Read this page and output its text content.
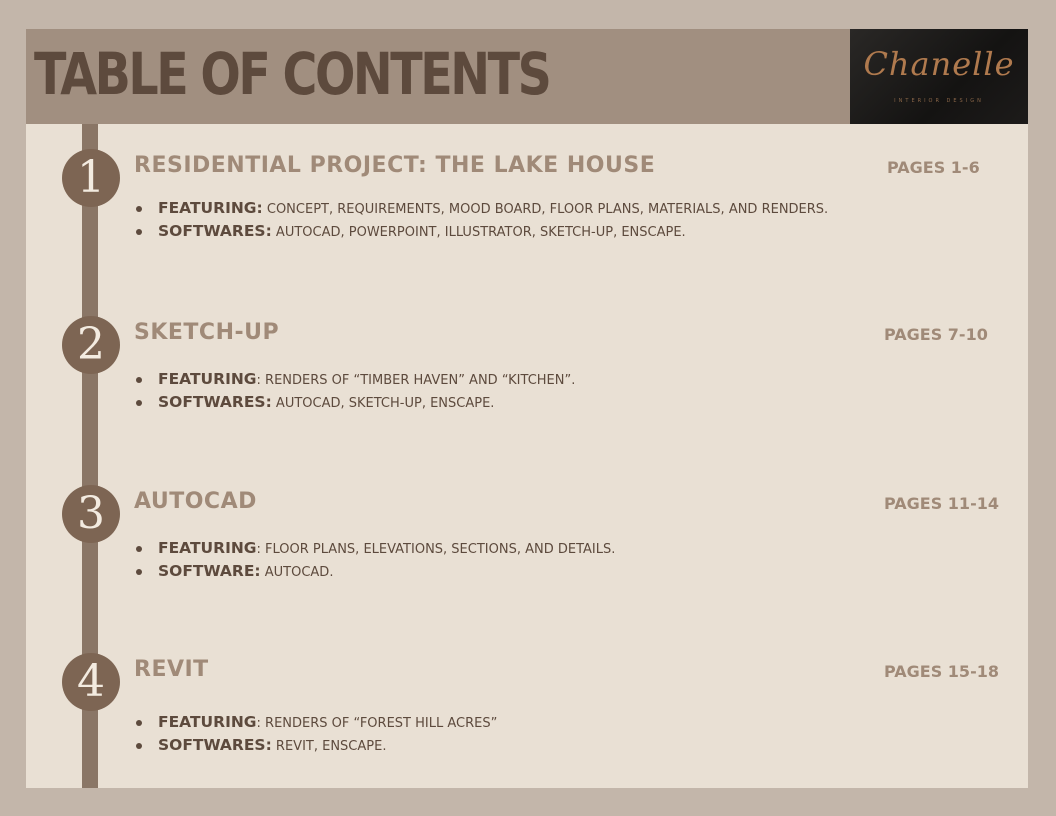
TABLE OF CONTENTS	Chanelle
INTERIOR DESIGN
1	RESIDENTIAL PROJECT: THE LAKE HOUSE	PAGES 1-6
FEATURING: CONCEPT, REQUIREMENTS, MOOD BOARD, FLOOR PLANS, MATERIALS, AND RENDERS.
SOFTWARES: AUTOCAD, POWERPOINT, ILLUSTRATOR, SKETCH-UP, ENSCAPE.
2	SKETCH-UP	PAGES 7-10
FEATURING: RENDERS OF “TIMBER HAVEN” AND “KITCHEN”.
SOFTWARES: AUTOCAD, SKETCH-UP, ENSCAPE.
3	AUTOCAD	PAGES 11-14
FEATURING: FLOOR PLANS, ELEVATIONS, SECTIONS, AND DETAILS.
SOFTWARE: AUTOCAD.
4	REVIT	PAGES 15-18
FEATURING: RENDERS OF “FOREST HILL ACRES”
SOFTWARES: REVIT, ENSCAPE.
